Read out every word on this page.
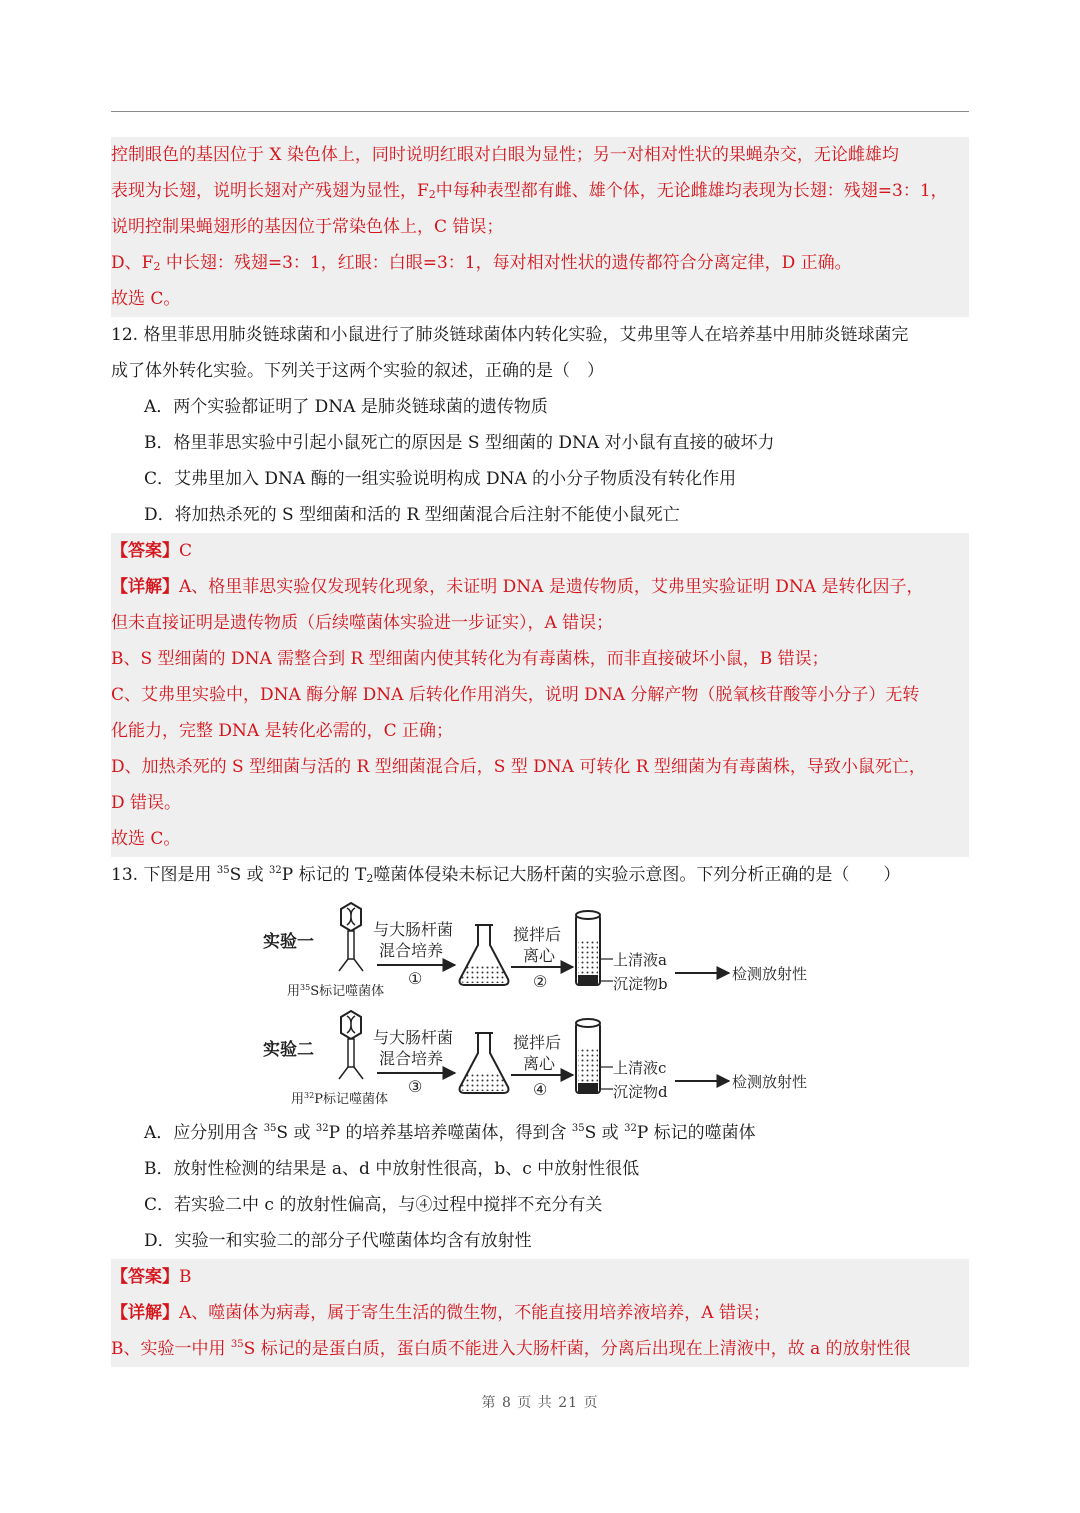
控制眼色的基因位于 X 染色体上，同时说明红眼对白眼为显性；另一对相对性状的果蝇杂交，无论雌雄均
表现为长翅，说明长翅对产残翅为显性，$F_2$中每种表型都有雌、雄个体，无论雌雄均表现为长翅：残翅=3：1，
说明控制果蝇翅形的基因位于常染色体上，C 错误；
D、$F_2$ 中长翅：残翅=3：1，红眼：白眼=3：1，每对相对性状的遗传都符合分离定律，D 正确。
故选 C。
12. 格里菲思用肺炎链球菌和小鼠进行了肺炎链球菌体内转化实验，艾弗里等人在培养基中用肺炎链球菌完
成了体外转化实验。下列关于这两个实验的叙述，正确的是（　）
A．两个实验都证明了 DNA 是肺炎链球菌的遗传物质
B．格里菲思实验中引起小鼠死亡的原因是 S 型细菌的 DNA 对小鼠有直接的破坏力
C．艾弗里加入 DNA 酶的一组实验说明构成 DNA 的小分子物质没有转化作用
D．将加热杀死的 S 型细菌和活的 R 型细菌混合后注射不能使小鼠死亡
【答案】C
【详解】A、格里菲思实验仅发现转化现象，未证明 DNA 是遗传物质，艾弗里实验证明 DNA 是转化因子，
但未直接证明是遗传物质（后续噬菌体实验进一步证实），A 错误；
B、S 型细菌的 DNA 需整合到 R 型细菌内使其转化为有毒菌株，而非直接破坏小鼠，B 错误；
C、艾弗里实验中，DNA 酶分解 DNA 后转化作用消失，说明 DNA 分解产物（脱氧核苷酸等小分子）无转
化能力，完整 DNA 是转化必需的，C 正确；
D、加热杀死的 S 型细菌与活的 R 型细菌混合后，S 型 DNA 可转化 R 型细菌为有毒菌株，导致小鼠死亡，
D 错误。
故选 C。
13. 下图是用 $^{35}$S 或 $^{32}$P 标记的 $T_2$噬菌体侵染未标记大肠杆菌的实验示意图。下列分析正确的是（　　）
实验一
用$^{35}$S标记噬菌体
与大肠杆菌
混合培养
①
搅拌后
离心
②
上清液a
沉淀物b
检测放射性
实验二
用$^{32}$P标记噬菌体
与大肠杆菌
混合培养
③
搅拌后
离心
④
上清液c
沉淀物d
检测放射性
A．应分别用含 $^{35}$S 或 $^{32}$P 的培养基培养噬菌体，得到含 $^{35}$S 或 $^{32}$P 标记的噬菌体
B．放射性检测的结果是 a、d 中放射性很高，b、c 中放射性很低
C．若实验二中 c 的放射性偏高，与④过程中搅拌不充分有关
D．实验一和实验二的部分子代噬菌体均含有放射性
【答案】B
【详解】A、噬菌体为病毒，属于寄生生活的微生物，不能直接用培养液培养，A 错误；
B、实验一中用 $^{35}$S 标记的是蛋白质，蛋白质不能进入大肠杆菌，分离后出现在上清液中，故 a 的放射性很
第 8 页 共 21 页
